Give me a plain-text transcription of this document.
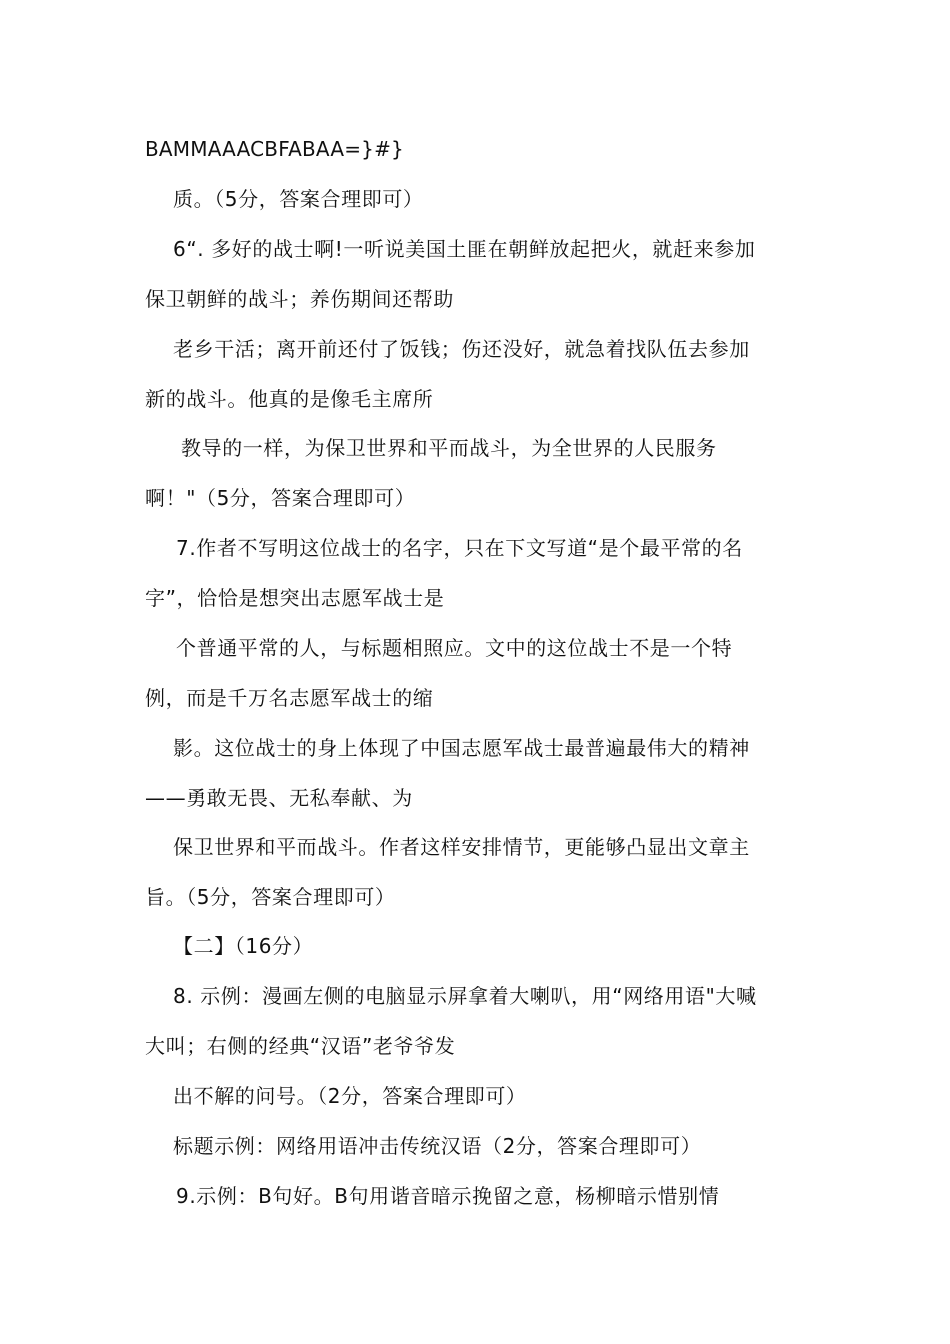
BAMMAAACBFABAA=}#}
质。（5分，答案合理即可）
6“. 多好的战士啊!一听说美国土匪在朝鲜放起把火，就赶来参加
保卫朝鲜的战斗；养伤期间还帮助
老乡干活；离开前还付了饭钱；伤还没好，就急着找队伍去参加
新的战斗。他真的是像毛主席所
教导的一样，为保卫世界和平而战斗，为全世界的人民服务
啊！"（5分，答案合理即可）
7.作者不写明这位战士的名字，只在下文写道“是个最平常的名
字”，恰恰是想突出志愿军战士是
个普通平常的人，与标题相照应。文中的这位战士不是一个特
例，而是千万名志愿军战士的缩
影。这位战士的身上体现了中国志愿军战士最普遍最伟大的精神
——勇敢无畏、无私奉献、为
保卫世界和平而战斗。作者这样安排情节，更能够凸显出文章主
旨。（5分，答案合理即可）
【二】（16分）
8. 示例：漫画左侧的电脑显示屏拿着大喇叭，用“网络用语"大喊
大叫；右侧的经典“汉语”老爷爷发
出不解的问号。（2分，答案合理即可）
标题示例：网络用语冲击传统汉语（2分，答案合理即可）
9.示例：B句好。B句用谐音暗示挽留之意，杨柳暗示惜别情
